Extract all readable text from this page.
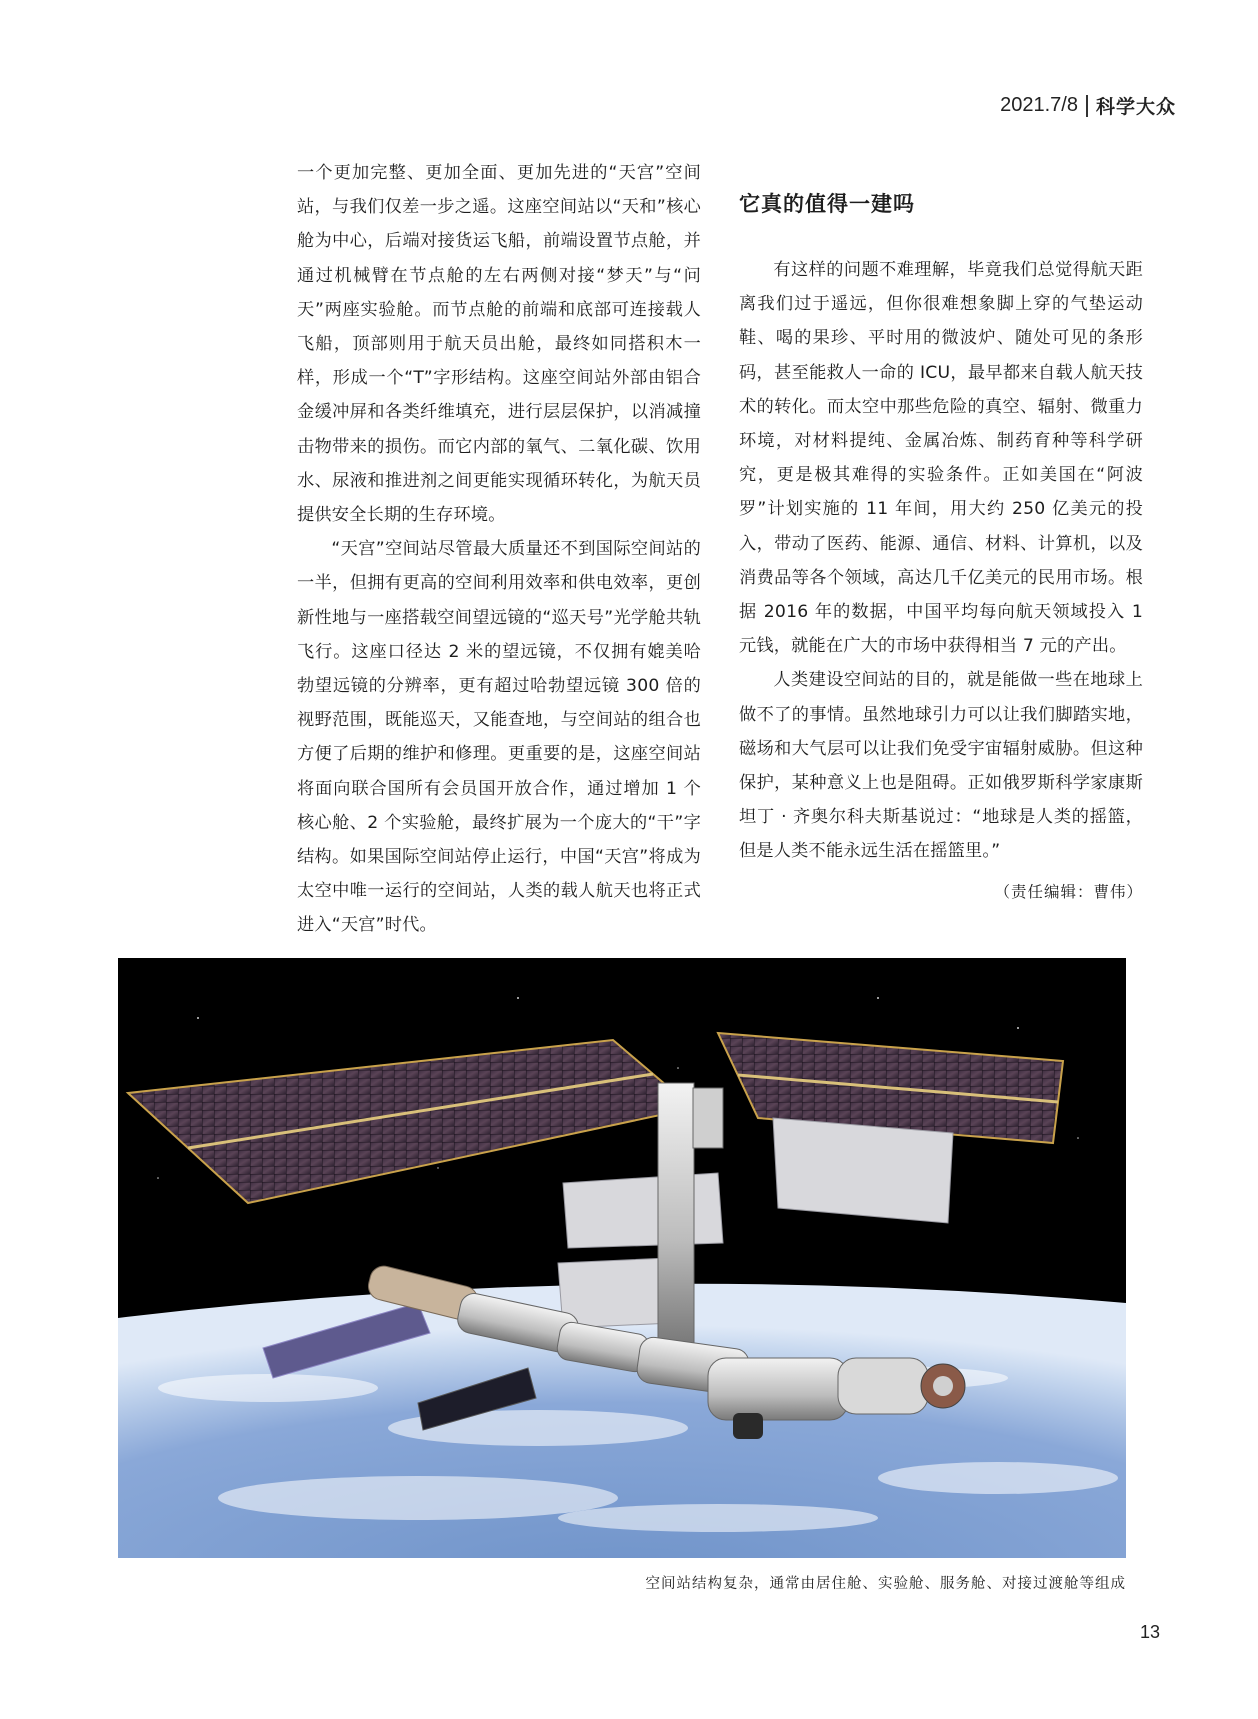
2021.7/8 科学大众

一个更加完整、更加全面、更加先进的“天宫”空间站，与我们仅差一步之遥。这座空间站以“天和”核心舱为中心，后端对接货运飞船，前端设置节点舱，并通过机械臂在节点舱的左右两侧对接“梦天”与“问天”两座实验舱。而节点舱的前端和底部可连接载人飞船，顶部则用于航天员出舱，最终如同搭积木一样，形成一个“T”字形结构。这座空间站外部由铝合金缓冲屏和各类纤维填充，进行层层保护，以消减撞击物带来的损伤。而它内部的氧气、二氧化碳、饮用水、尿液和推进剂之间更能实现循环转化，为航天员提供安全长期的生存环境。

“天宫”空间站尽管最大质量还不到国际空间站的一半，但拥有更高的空间利用效率和供电效率，更创新性地与一座搭载空间望远镜的“巡天号”光学舱共轨飞行。这座口径达 2 米的望远镜，不仅拥有媲美哈勃望远镜的分辨率，更有超过哈勃望远镜 300 倍的视野范围，既能巡天，又能查地，与空间站的组合也方便了后期的维护和修理。更重要的是，这座空间站将面向联合国所有会员国开放合作，通过增加 1 个核心舱、2 个实验舱，最终扩展为一个庞大的“干”字结构。如果国际空间站停止运行，中国“天宫”将成为太空中唯一运行的空间站，人类的载人航天也将正式进入“天宫”时代。

它真的值得一建吗

有这样的问题不难理解，毕竟我们总觉得航天距离我们过于遥远，但你很难想象脚上穿的气垫运动鞋、喝的果珍、平时用的微波炉、随处可见的条形码，甚至能救人一命的 ICU，最早都来自载人航天技术的转化。而太空中那些危险的真空、辐射、微重力环境，对材料提纯、金属冶炼、制药育种等科学研究，更是极其难得的实验条件。正如美国在“阿波罗”计划实施的 11 年间，用大约 250 亿美元的投入，带动了医药、能源、通信、材料、计算机，以及消费品等各个领域，高达几千亿美元的民用市场。根据 2016 年的数据，中国平均每向航天领域投入 1 元钱，就能在广大的市场中获得相当 7 元的产出。

人类建设空间站的目的，就是能做一些在地球上做不了的事情。虽然地球引力可以让我们脚踏实地，磁场和大气层可以让我们免受宇宙辐射威胁。但这种保护，某种意义上也是阻碍。正如俄罗斯科学家康斯坦丁 · 齐奥尔科夫斯基说过：“地球是人类的摇篮，但是人类不能永远生活在摇篮里。”

（责任编辑：曹伟）
空间站结构复杂，通常由居住舱、实验舱、服务舱、对接过渡舱等组成
13
